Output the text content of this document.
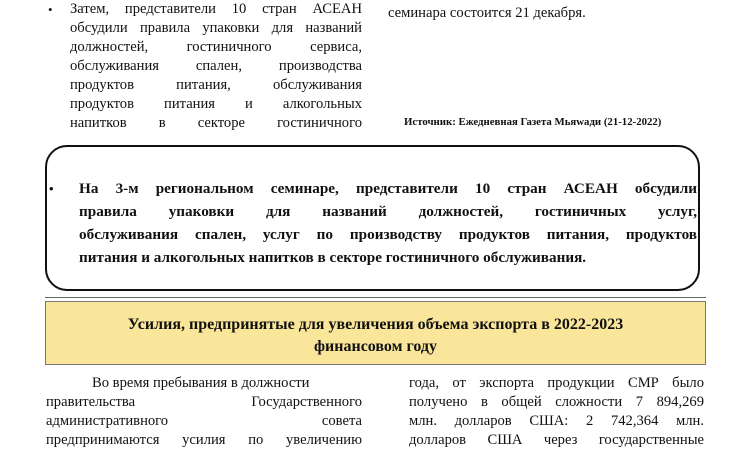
• Затем, представители 10 стран АСЕАН
обсудили правила упаковки для названий
должностей, гостиничного сервиса,
обслуживания спален, производства
продуктов питания, обслуживания
продуктов питания и алкогольных
напитков в секторе гостиничного
семинара состоится 21 декабря.
Источник: Ежедневная Газета Мьяwади (21-12-2022)
• На 3-м региональном семинаре, представители 10 стран АСЕАН обсудили
правила упаковки для названий должностей, гостиничных услуг,
обслуживания спален, услуг по производству продуктов питания, продуктов
питания и алкогольных напитков в секторе гостиничного обслуживания.
Усилия, предпринятые для увеличения объема экспорта в 2022-2023
финансовом году
Во время пребывания в должности
правительства Государственного
административного совета
предпринимаются усилия по увеличению
года, от экспорта продукции СМР было
получено в общей сложности 7 894,269
млн. долларов США: 2 742,364 млн.
долларов США через государственные
